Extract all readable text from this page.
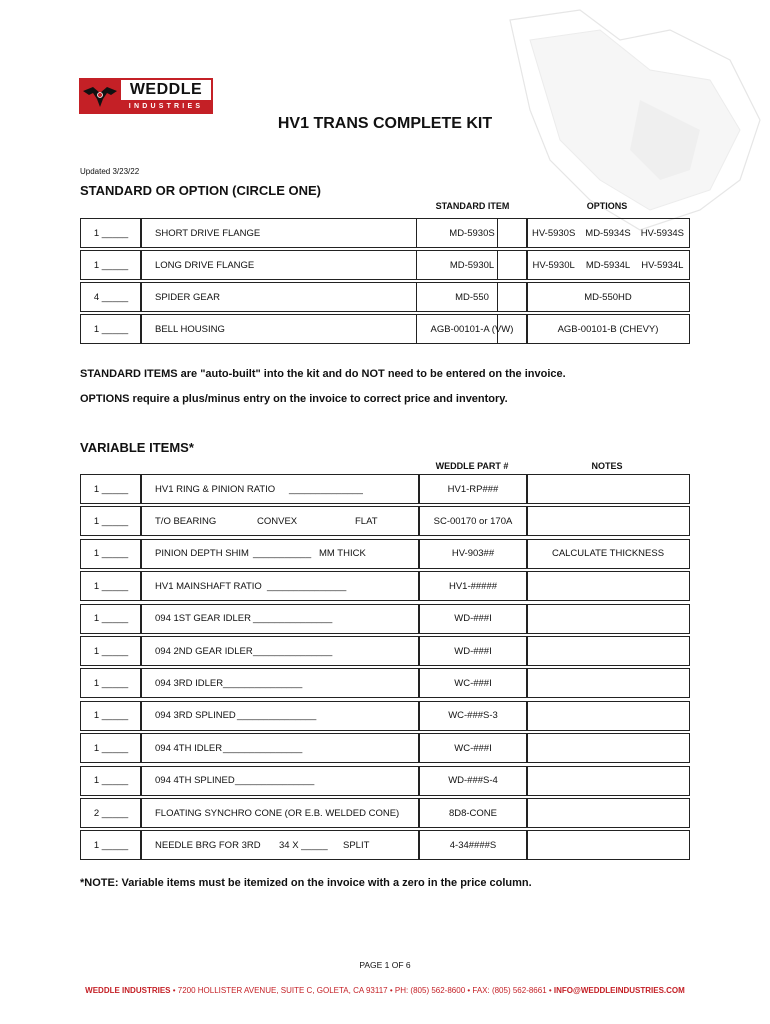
WEDDLE
INDUSTRIES
HV1 TRANS COMPLETE KIT
Updated 3/23/22
STANDARD OR OPTION (CIRCLE ONE)
STANDARD ITEM	OPTIONS
1 _____	SHORT DRIVE FLANGE	MD-5930S	HV-5930S MD-5934S HV-5934S
1 _____	LONG DRIVE FLANGE	MD-5930L	HV-5930L MD-5934L HV-5934L
4 _____	SPIDER GEAR	MD-550	MD-550HD
1 _____	BELL HOUSING	AGB-00101-A (VW)	AGB-00101-B (CHEVY)
STANDARD ITEMS are "auto-built" into the kit and do NOT need to be entered on the invoice.
OPTIONS require a plus/minus entry on the invoice to correct price and inventory.
VARIABLE ITEMS*
WEDDLE PART #	NOTES
1 _____	HV1 RING & PINION RATIO ______________	HV1-RP###
1 _____	T/O BEARING	CONVEX	FLAT	SC-00170 or 170A
1 _____	PINION DEPTH SHIM ___________ MM THICK	HV-903##	CALCULATE THICKNESS
1 _____	HV1 MAINSHAFT RATIO _______________	HV1-#####
1 _____	094 1ST GEAR IDLER _______________	WD-###I
1 _____	094 2ND GEAR IDLER _______________	WD-###I
1 _____	094 3RD IDLER _______________	WC-###I
1 _____	094 3RD SPLINED _______________	WC-###S-3
1 _____	094 4TH IDLER _______________	WC-###I
1 _____	094 4TH SPLINED _______________	WD-###S-4
2 _____	FLOATING SYNCHRO CONE (OR E.B. WELDED CONE)	8D8-CONE
1 _____	NEEDLE BRG FOR 3RD 34 X _____ SPLIT	4-34####S
*NOTE: Variable items must be itemized on the invoice with a zero in the price column.
PAGE 1 OF 6
WEDDLE INDUSTRIES • 7200 HOLLISTER AVENUE, SUITE C, GOLETA, CA 93117 • PH: (805) 562-8600 • FAX: (805) 562-8661 • INFO@WEDDLEINDUSTRIES.COM
